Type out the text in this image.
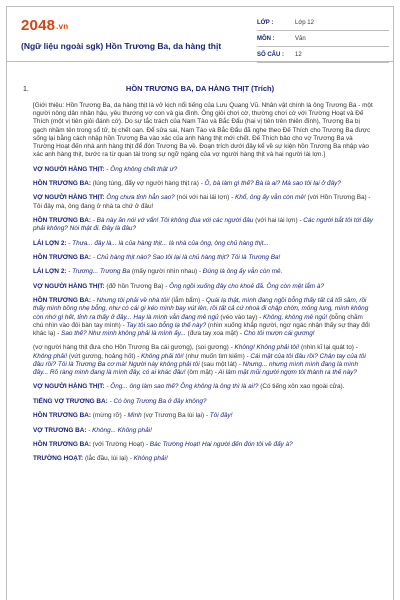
2048.vn
(Ngữ liệu ngoài sgk) Hồn Trương Ba, da hàng thịt
LỚP :	Lớp 12
MÔN :	Văn
SỐ CÂU :	12
1.	HỒN TRƯƠNG BA, DA HÀNG THỊT (Trích)

[Giới thiệu: Hồn Trương Ba, da hàng thịt là vở kịch nổi tiếng của Lưu Quang Vũ. Nhân vật chính là ông Trương Ba - một người nông dân nhân hậu, yêu thương vợ con và gia đình. Ông giỏi chơi cờ, thường chơi cờ với Trường Hoạt và Đế Thích (một vị tiên giỏi đánh cờ). Do sự tắc trách của Nam Tào và Bắc Đẩu (hai vị tiên trên thiên đình), Trương Ba bị gạch nhầm tên trong sổ tử, bị chết oan. Để sửa sai, Nam Tào và Bắc Đẩu đã nghe theo Đế Thích cho Trương Ba được sống lại bằng cách nhập hồn Trương Ba vào xác của anh hàng thịt mới chết. Đế Thích bảo cho vợ Trương Ba và Trường Hoạt đến nhà anh hàng thịt để đón Trương Ba về. Đoạn trích dưới đây kể về sự kiện hồn Trương Ba nhập vào xác anh hàng thịt, bước ra từ quan tài trong sự ngỡ ngàng của vợ người hàng thịt và hai người lái lợn.]

VỢ NGƯỜI HÀNG THỊT: - Ông không chết thật ư?

HỒN TRƯƠNG BA: (lúng túng, đẩy vợ người hàng thịt ra) - Ô, bà làm gì thế? Bà là ai? Mà sao tôi lại ở đây?

VỢ NGƯỜI HÀNG THỊT: Ông chưa tỉnh hẳn sao? (nói với hai lái lợn) - Khổ, ông ấy vẫn còn mê! (với Hồn Trương Ba) - Tôi đây mà, ông đang ở nhà ta chứ ở đâu!

HỒN TRƯƠNG BA: - Bà này ăn nói vớ vẩn! Tôi không đùa với các người đâu (với hai lái lợn) - Các người bắt tôi tới đây phải không? Nói thật đi. Đây là đâu?

LÁI LỢN 2: - Thưa... đây là... là của hàng thịt... là nhà của ông, ông chủ hàng thịt...

HỒN TRƯƠNG BA: - Chủ hàng thịt nào? Sao tôi lại là chủ hàng thịt? Tôi là Trương Ba!

LÁI LỢN 2: - Trương... Trương Ba (mấy người nhìn nhau) - Đúng là ông ấy vẫn còn mê.

VỢ NGƯỜI HÀNG THỊT: (đỡ hồn Trương Ba) - Ông ngồi xuống đây cho khoẻ đã. Ông còn mệt lắm à?

HỒN TRƯƠNG BA: - Nhưng tôi phải về nhà tôi! (lắm bẩm) - Quái lạ thật, mình đang ngồi bỗng thấy tất cả tối sầm, rồi thấy mình bồng nhẹ bỗng, như có cái gì kéo mình bay vút lên, rồi tất cả cứ nhoà đi chập chờn, mông lung, mình không còn nhớ gì hết, tỉnh ra thấy ở đây... Hay là mình vẫn đang mê ngủ (véo vào tay) - Không, không mê ngủ! (bỗng chăm chú nhìn vào đôi bàn tay mình) - Tay tôi sao bỗng lạ thế này? (nhìn xuống khắp người, ngơ ngác nhận thấy sự thay đổi khác lạ) - Sao thế? Như mình không phải là mình ấy... (đưa tay xoa mặt) - Cho tôi mượn cái gương!

(vợ người hàng thịt đưa cho Hồn Trương Ba cái gương), (soi gương) - Không! Không phải tôi! (nhìn kĩ lại quát to) - Không phải! (vứt gương, hoảng hốt) - Không phải tôi! (như muốn tìm kiếm) - Cái mặt của tôi đâu rồi? Chân tay của tôi đâu rồi? Tôi là Trương Ba cơ mà! Người này không phải tôi (sau một lát) - Nhưng... nhưng mình mình đang là mình đây... Rõ ràng mình đang là mình đây, có ai khác đâu! (ôm mặt) - Ai làm mặt mũi người ngợm tôi thành ra thế này?

VỢ NGƯỜI HÀNG THỊT: - Ông... ông làm sao thế? Ông không là ông thì là ai!? (Có tiếng xôn xao ngoài cửa).

TIẾNG VỢ TRƯƠNG BA: - Có ông Trương Ba ở đây không?

HỒN TRƯƠNG BA: (mừng rỡ) - Mình (vợ Trương Ba lùi lại) - Tôi đây!

VỢ TRƯƠNG BA: - Không... Không phải!

HỒN TRƯƠNG BA: (với Trường Hoạt) - Bác Trường Hoạt! Hai người đến đón tôi về đấy à?

TRƯỜNG HOẠT: (lắc đầu, lùi lại) - Không phải!
